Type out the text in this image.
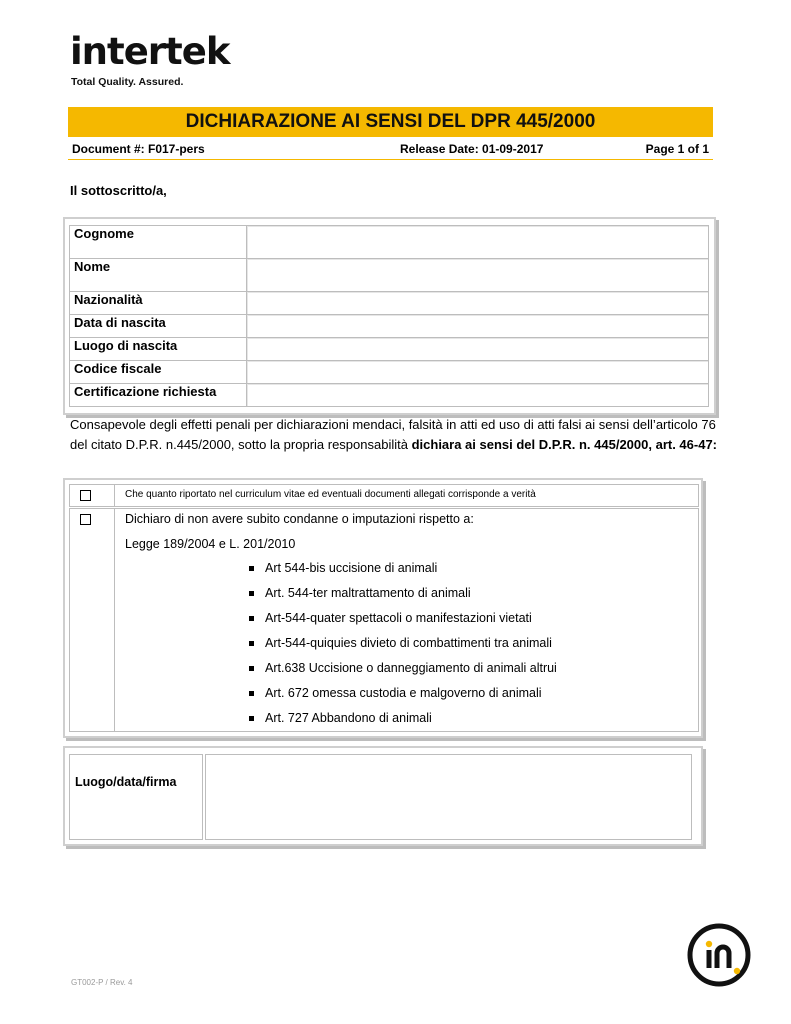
intertek
Total Quality. Assured.
DICHIARAZIONE AI SENSI DEL DPR 445/2000
Document #: F017-pers	Release Date: 01-09-2017	Page 1 of 1
Il sottoscritto/a,
Cognome	
Nome	
Nazionalità	
Data di nascita	
Luogo di nascita	
Codice fiscale	
Certificazione richiesta	
Consapevole degli effetti penali per dichiarazioni mendaci, falsità in atti ed uso di atti falsi ai sensi dell’articolo 76 del citato D.P.R. n.445/2000, sotto la propria responsabilità dichiara ai sensi del D.P.R. n. 445/2000, art. 46-47:
Che quanto riportato nel curriculum vitae ed eventuali documenti allegati corrisponde a verità
Dichiaro di non avere subito condanne o imputazioni rispetto a:
Legge 189/2004 e L. 201/2010
Art 544-bis uccisione di animali
Art. 544-ter maltrattamento di animali
Art-544-quater spettacoli o manifestazioni vietati
Art-544-quiquies divieto di combattimenti tra animali
Art.638 Uccisione o danneggiamento di animali altrui
Art. 672 omessa custodia e malgoverno di animali
Art. 727 Abbandono di animali
Luogo/data/firma
GT002-P / Rev. 4
